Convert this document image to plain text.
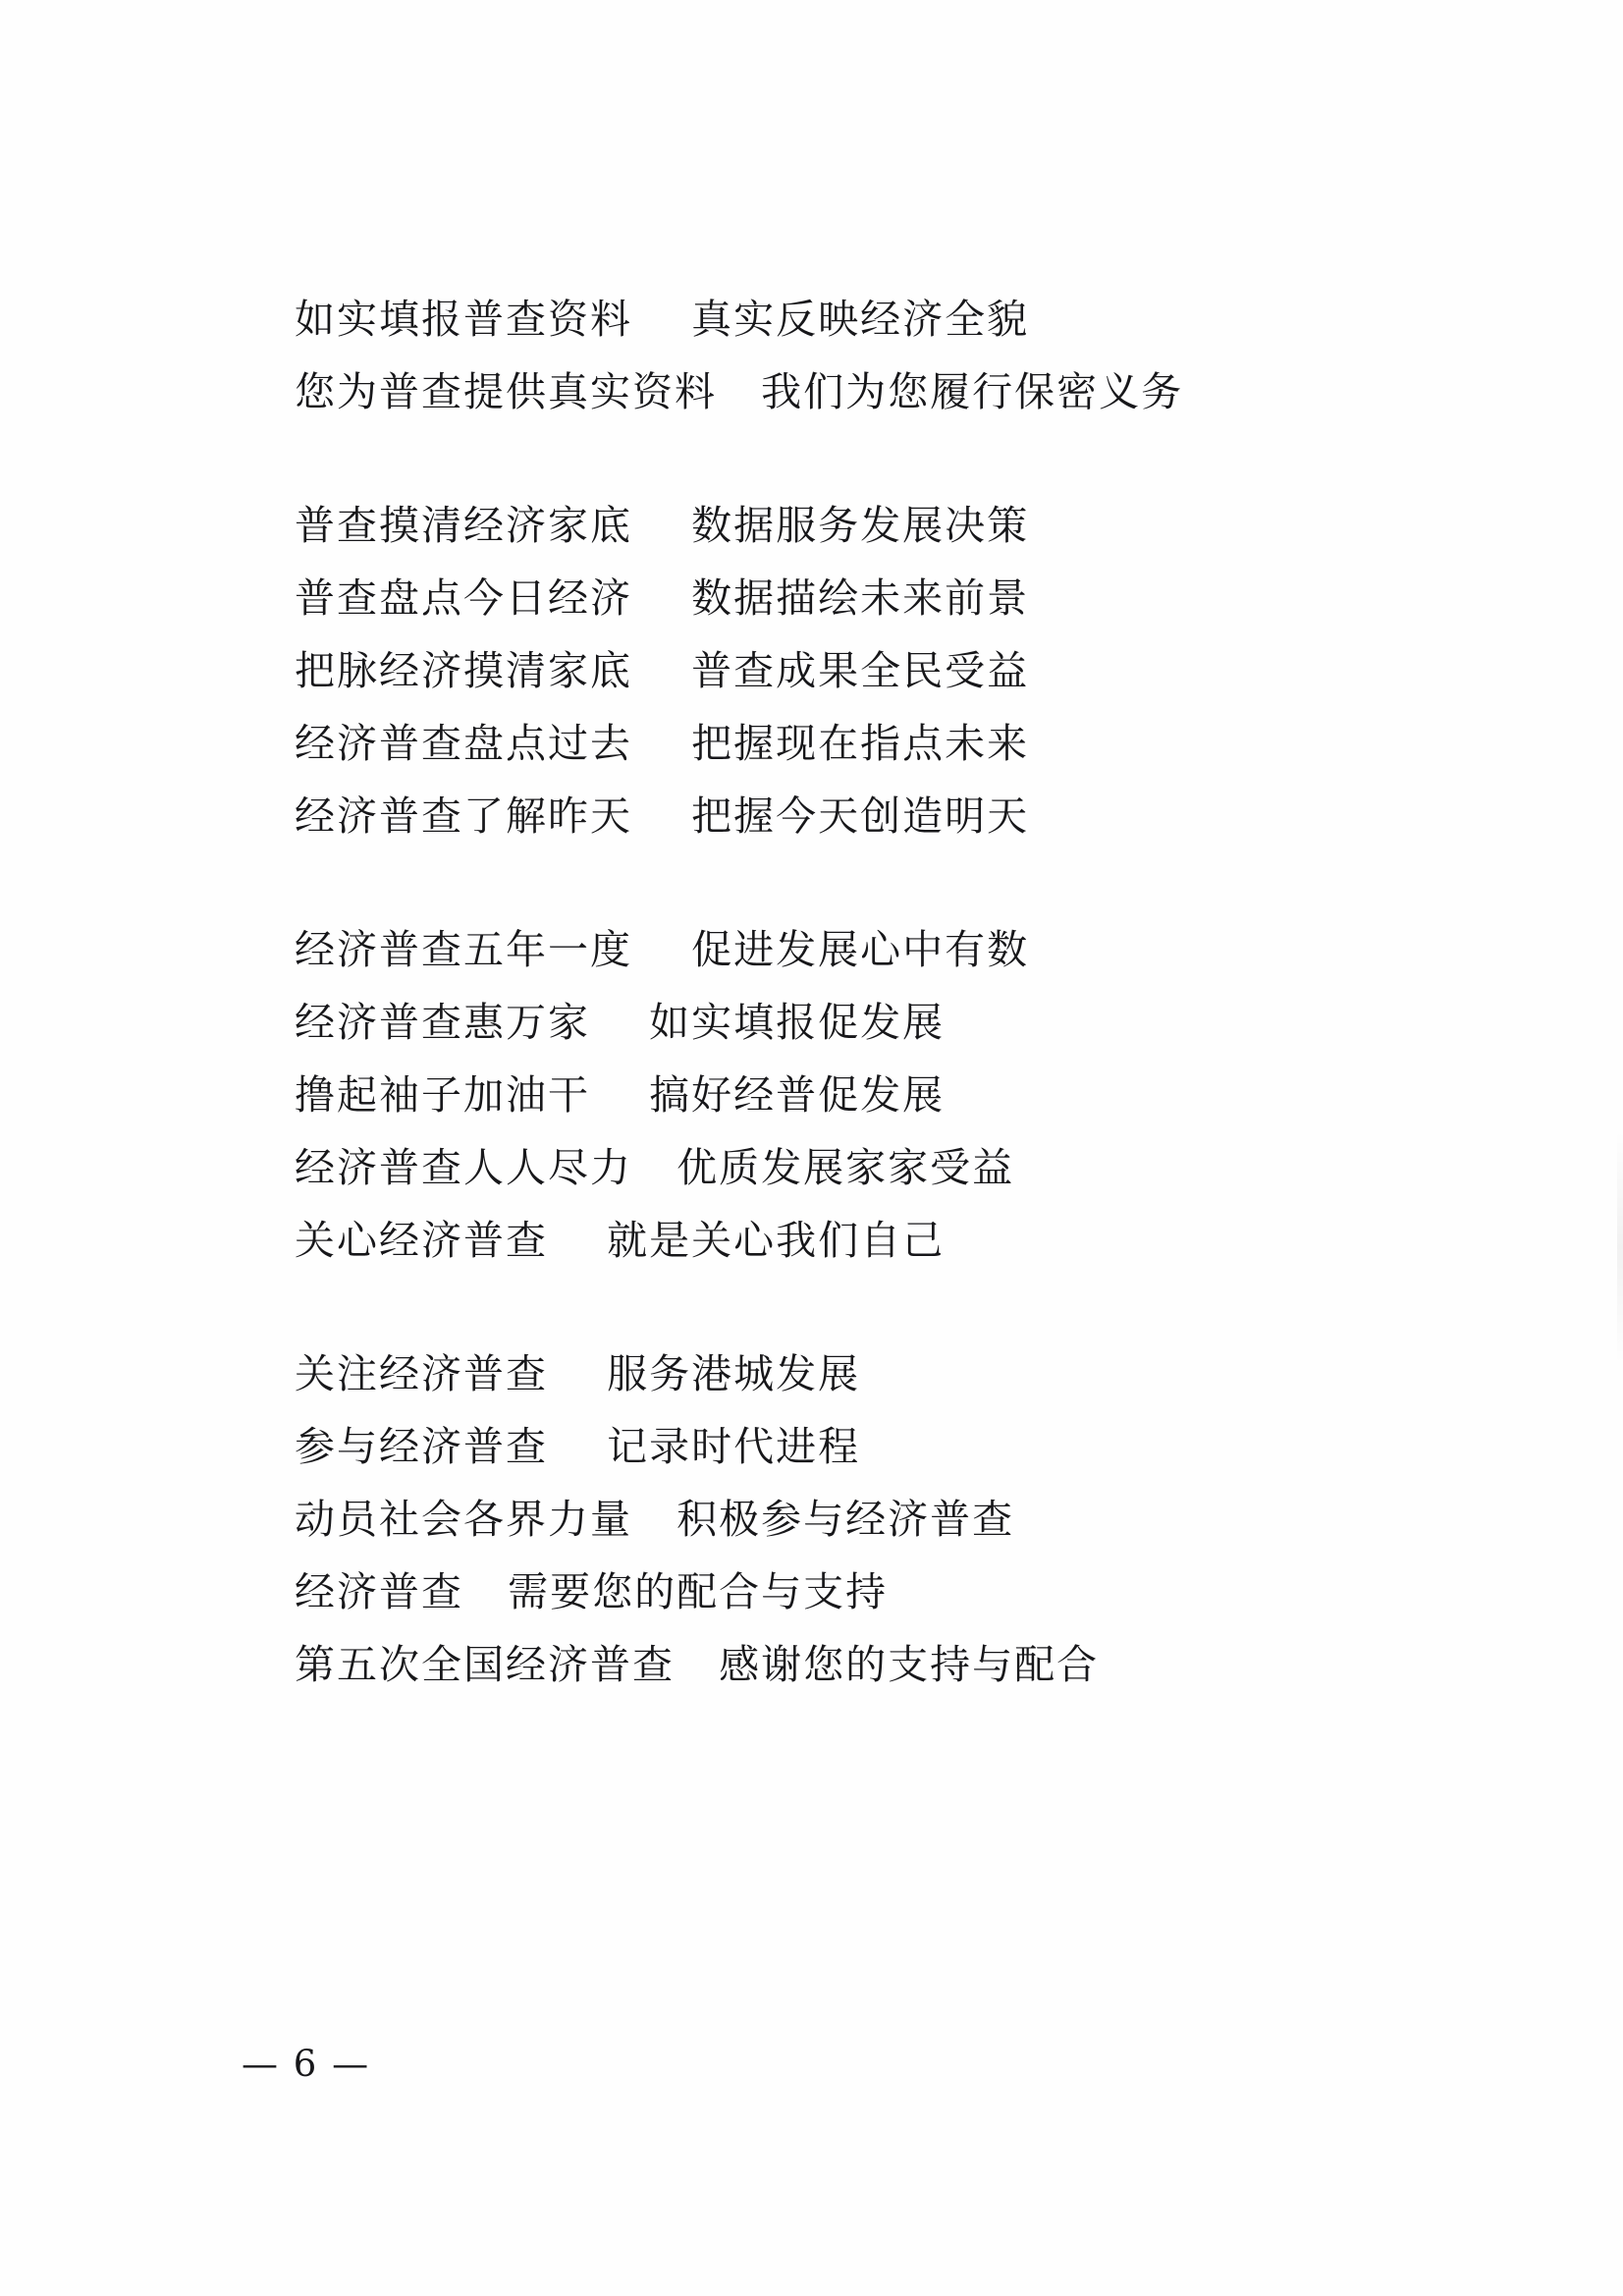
如实填报普查资料    真实反映经济全貌
您为普查提供真实资料   我们为您履行保密义务
普查摸清经济家底    数据服务发展决策
普查盘点今日经济    数据描绘未来前景
把脉经济摸清家底    普查成果全民受益
经济普查盘点过去    把握现在指点未来
经济普查了解昨天    把握今天创造明天
经济普查五年一度    促进发展心中有数
经济普查惠万家    如实填报促发展
撸起袖子加油干    搞好经普促发展
经济普查人人尽力   优质发展家家受益
关心经济普查    就是关心我们自己
关注经济普查    服务港城发展
参与经济普查    记录时代进程
动员社会各界力量   积极参与经济普查
经济普查   需要您的配合与支持
第五次全国经济普查   感谢您的支持与配合
— 6 —
